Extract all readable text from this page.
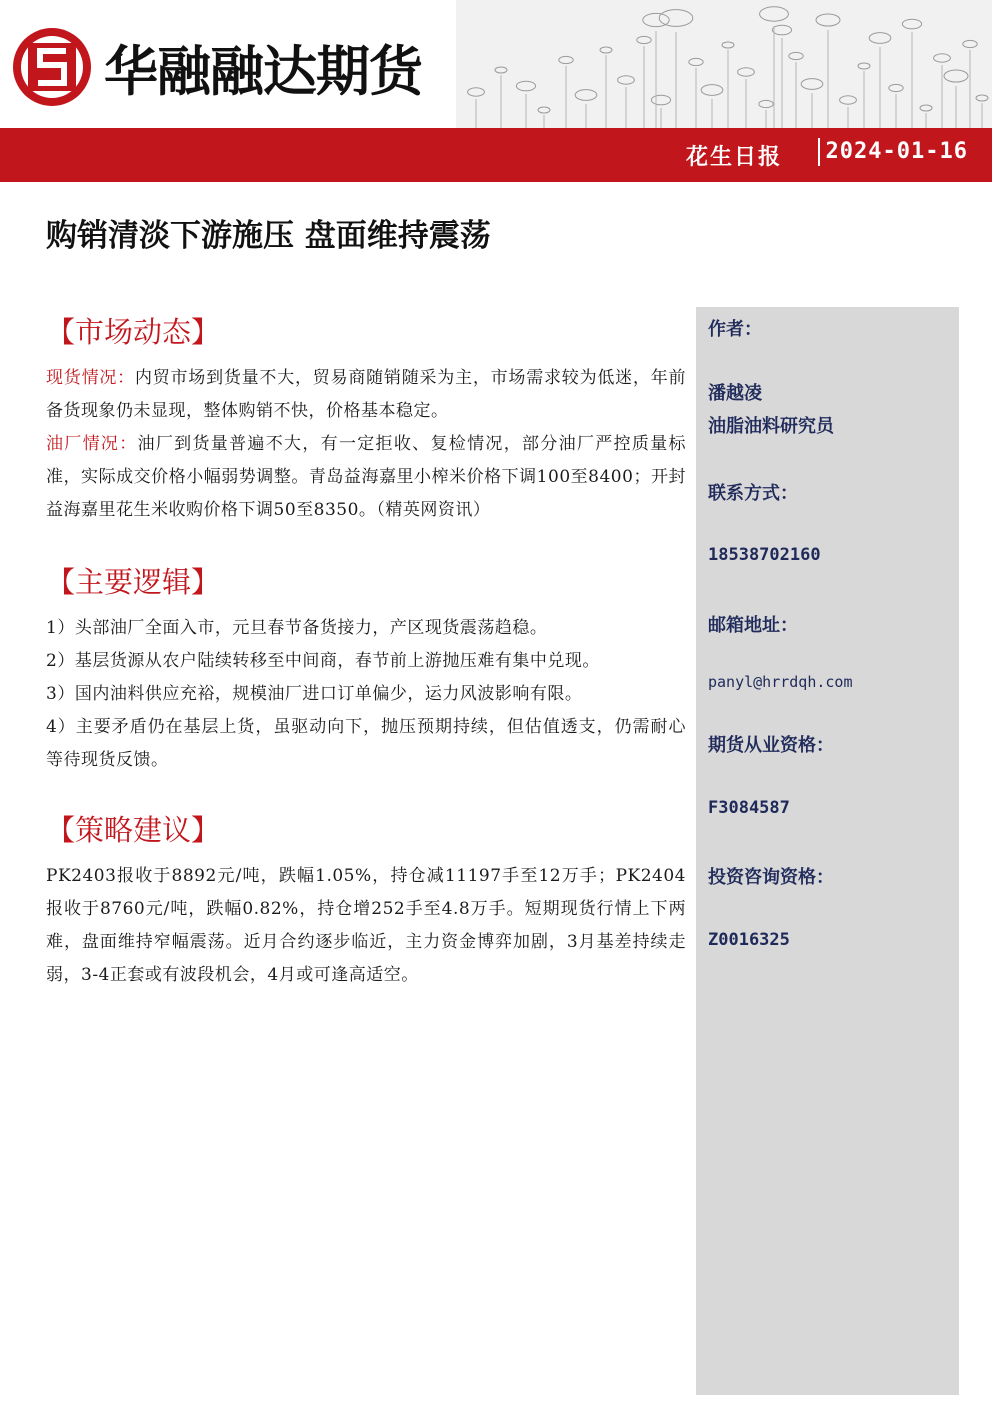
华融融达期货
花生日报 2024-01-16
购销清淡下游施压 盘面维持震荡
【市场动态】

现货情况：内贸市场到货量不大，贸易商随销随采为主，市场需求较为低迷，年前备货现象仍未显现，整体购销不快，价格基本稳定。

油厂情况：油厂到货量普遍不大，有一定拒收、复检情况，部分油厂严控质量标准，实际成交价格小幅弱势调整。青岛益海嘉里小榨米价格下调100至8400；开封益海嘉里花生米收购价格下调50至8350。（精英网资讯）

【主要逻辑】

1）头部油厂全面入市，元旦春节备货接力，产区现货震荡趋稳。

2）基层货源从农户陆续转移至中间商，春节前上游抛压难有集中兑现。

3）国内油料供应充裕，规模油厂进口订单偏少，运力风波影响有限。

4）主要矛盾仍在基层上货，虽驱动向下，抛压预期持续，但估值透支，仍需耐心等待现货反馈。

【策略建议】

PK2403报收于8892元/吨，跌幅1.05%，持仓减11197手至12万手；PK2404报收于8760元/吨，跌幅0.82%，持仓增252手至4.8万手。短期现货行情上下两难，盘面维持窄幅震荡。近月合约逐步临近，主力资金博弈加剧，3月基差持续走弱，3-4正套或有波段机会，4月或可逢高适空。

作者：
潘越凌
油脂油料研究员
联系方式：
18538702160
邮箱地址：
panyl@hrrdqh.com
期货从业资格：
F3084587
投资咨询资格：
Z0016325
